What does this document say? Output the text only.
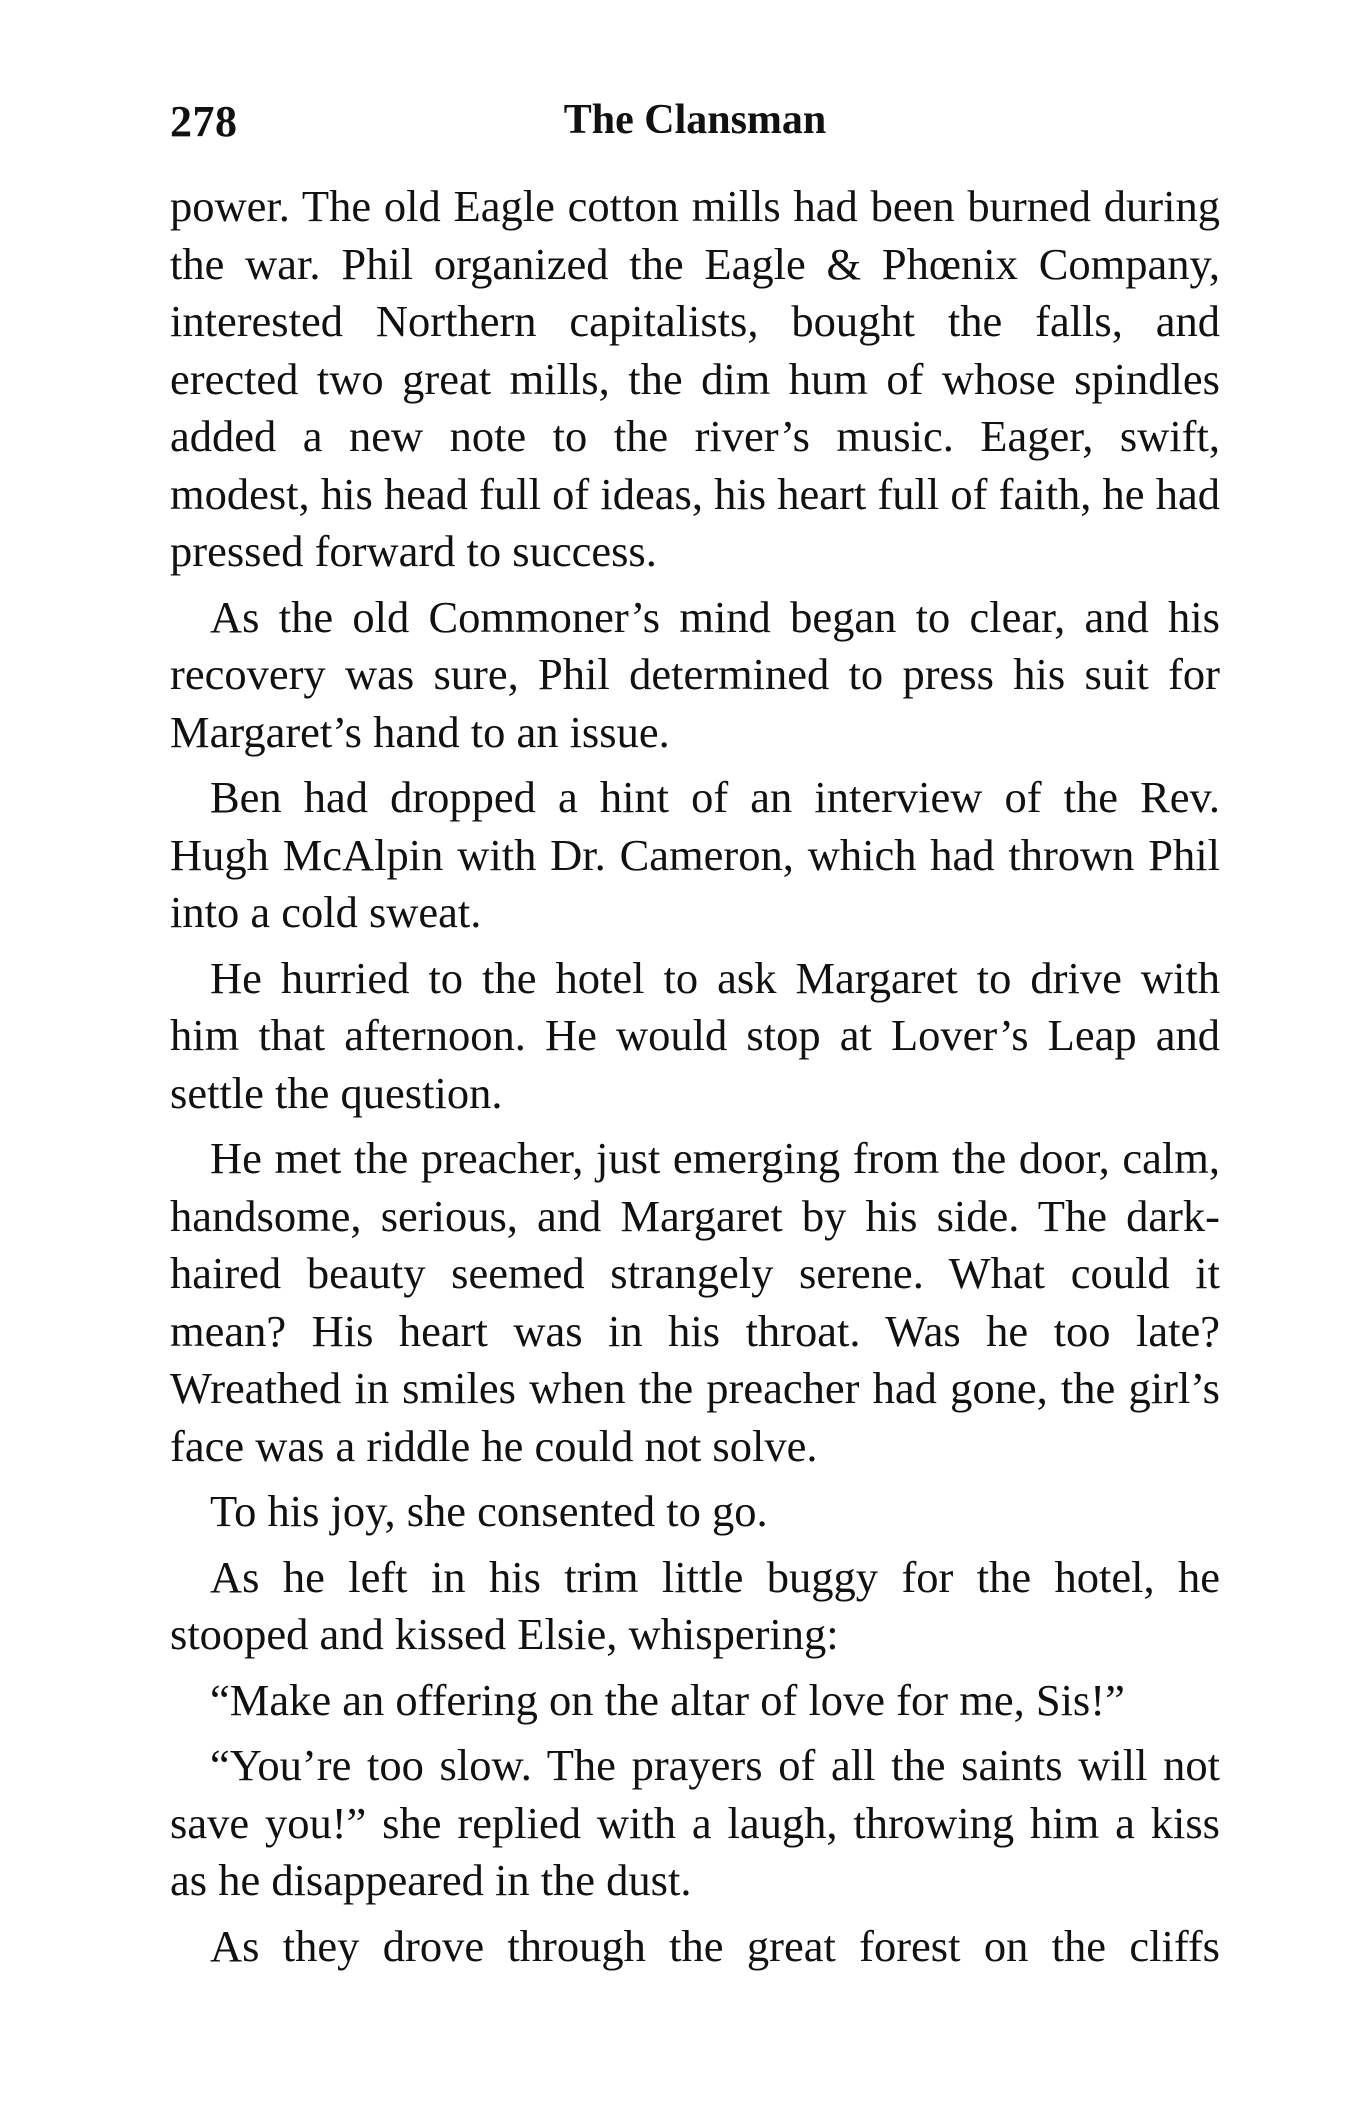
278	The Clansman

power. The old Eagle cotton mills had been burned during the war. Phil organized the Eagle & Phœnix Company, interested Northern capitalists, bought the falls, and erected two great mills, the dim hum of whose spindles added a new note to the river’s music. Eager, swift, modest, his head full of ideas, his heart full of faith, he had pressed forward to success.

As the old Commoner’s mind began to clear, and his recovery was sure, Phil determined to press his suit for Margaret’s hand to an issue.

Ben had dropped a hint of an interview of the Rev. Hugh McAlpin with Dr. Cameron, which had thrown Phil into a cold sweat.

He hurried to the hotel to ask Margaret to drive with him that afternoon. He would stop at Lover’s Leap and settle the question.

He met the preacher, just emerging from the door, calm, handsome, serious, and Margaret by his side. The dark-haired beauty seemed strangely serene. What could it mean? His heart was in his throat. Was he too late? Wreathed in smiles when the preacher had gone, the girl’s face was a riddle he could not solve.

To his joy, she consented to go.

As he left in his trim little buggy for the hotel, he stooped and kissed Elsie, whispering:

“Make an offering on the altar of love for me, Sis!”

“You’re too slow. The prayers of all the saints will not save you!” she replied with a laugh, throwing him a kiss as he disappeared in the dust.

As they drove through the great forest on the cliffs
